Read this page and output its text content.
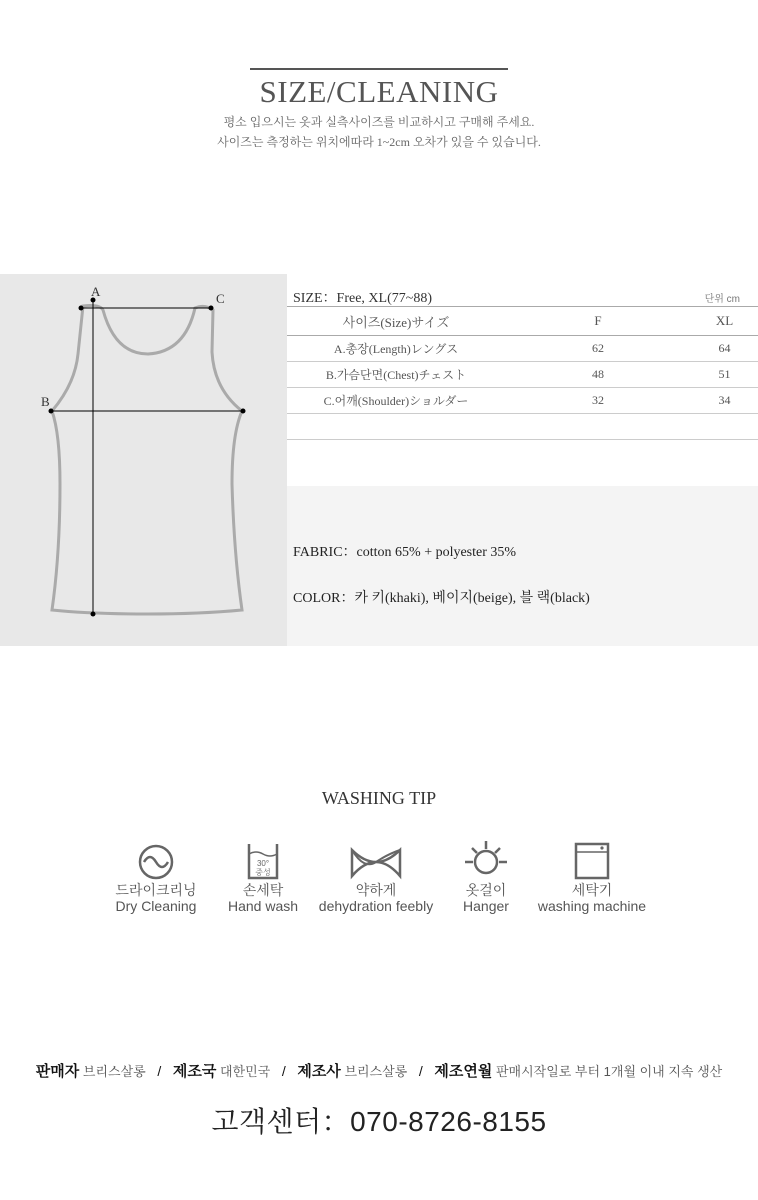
SIZE/CLEANING
평소 입으시는 옷과 실측사이즈를 비교하시고 구매해 주세요.
사이즈는 측정하는 위치에따라 1~2cm 오차가 있을 수 있습니다.
A
B
C	SIZE：Free, XL(77~88)	단위 cm
사이즈(Size)サイズ	F	XL
A.총장(Length)レングス	62	64
B.가슴단면(Chest)チェスト	48	51
C.어깨(Shoulder)ショルダー	32	34

FABRIC：cotton 65% + polyester 35%
COLOR：카 키(khaki), 베이지(beige), 블 랙(black)
WASHING TIP
드라이크리닝
Dry Cleaning
30°
중성
손세탁
Hand wash
약하게
dehydration feebly
옷걸이
Hanger
세탁기
washing machine
판매자 브리스살롱 / 제조국 대한민국 / 제조사 브리스살롱 / 제조연월 판매시작일로 부터 1개월 이내 지속 생산
고객센터：070-8726-8155
